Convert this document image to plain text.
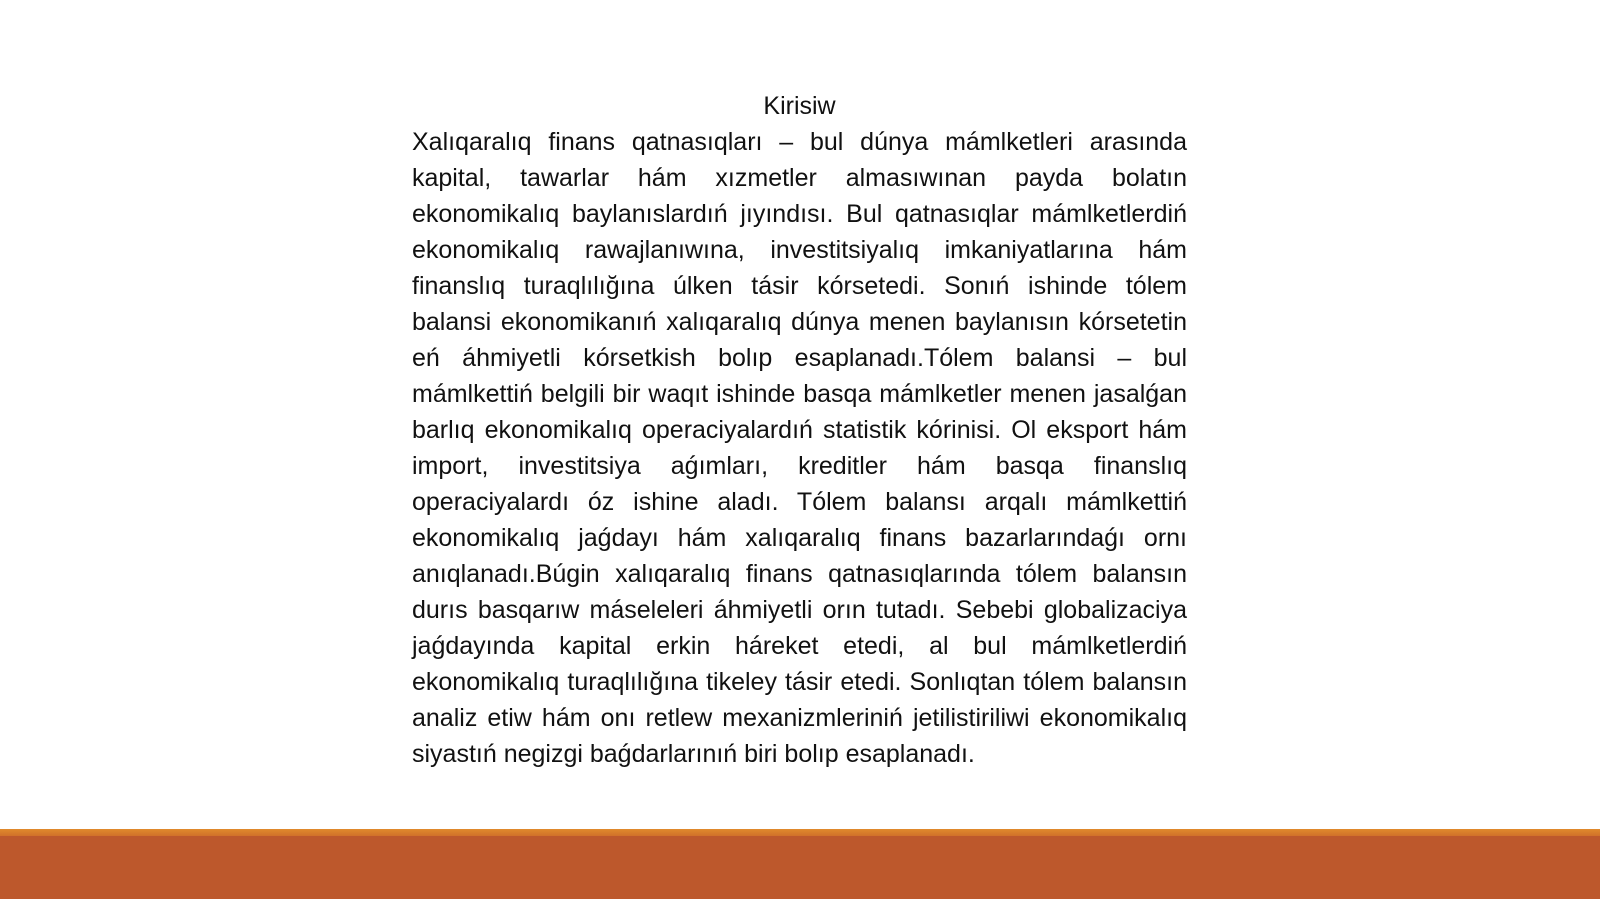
Kirisiw

Xalıqaralıq finans qatnasıqları – bul dúnya mámlketleri arasında kapital, tawarlar hám xızmetler almasıwınan payda bolatın ekonomikalıq baylanıslardıń jıyındısı. Bul qatnasıqlar mámlketlerdiń ekonomikalıq rawajlanıwına, investitsiyalıq imkaniyatlarına hám finanslıq turaqlılığına úlken tásir kórsetedi. Sonıń ishinde tólem balansi ekonomikanıń xalıqaralıq dúnya menen baylanısın kórsetetin eń áhmiyetli kórsetkish bolıp esaplanadı.Tólem balansi – bul mámlkettiń belgili bir waqıt ishinde basqa mámlketler menen jasalǵan barlıq ekonomikalıq operaciyalardıń statistik kórinisi. Ol eksport hám import, investitsiya aǵımları, kreditler hám basqa finanslıq operaciyalardı óz ishine aladı. Tólem balansı arqalı mámlkettiń ekonomikalıq jaǵdayı hám xalıqaralıq finans bazarlarındaǵı ornı anıqlanadı.Búgin xalıqaralıq finans qatnasıqlarında tólem balansın durıs basqarıw máseleleri áhmiyetli orın tutadı. Sebebi globalizaciya jaǵdayında kapital erkin háreket etedi, al bul mámlketlerdiń ekonomikalıq turaqlılığına tikeley tásir etedi. Sonlıqtan tólem balansın analiz etiw hám onı retlew mexanizmleriniń jetilistiriliwi ekonomikalıq siyastıń negizgi baǵdarlarınıń biri bolıp esaplanadı.
